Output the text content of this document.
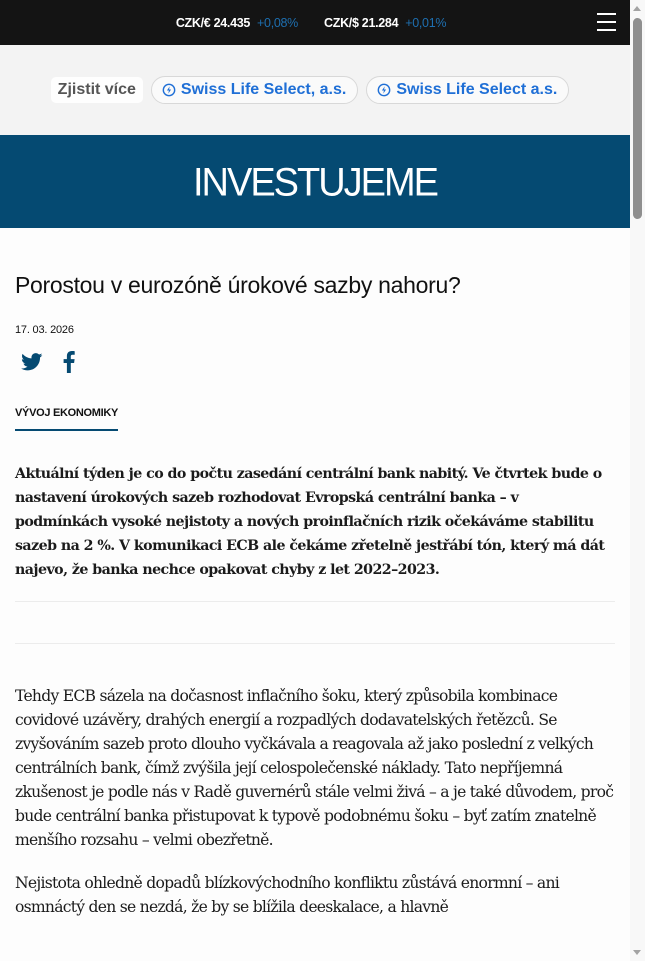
CZK/€ 24.435 +0,08% CZK/$ 21.284 +0,01%
Zjistit více	Swiss Life Select, a.s.	Swiss Life Select a.s.
INVESTUJEME
Porostou v eurozóně úrokové sazby nahoru?
17. 03. 2026
VÝVOJ EKONOMIKY

Aktuální týden je co do počtu zasedání centrální bank nabitý. Ve čtvrtek bude o nastavení úrokových sazeb rozhodovat Evropská centrální banka – v podmínkách vysoké nejistoty a nových proinflačních rizik očekáváme stabilitu sazeb na 2 %. V komunikaci ECB ale čekáme zřetelně jestřábí tón, který má dát najevo, že banka nechce opakovat chyby z let 2022–2023.

Tehdy ECB sázela na dočasnost inflačního šoku, který způsobila kombinace covidové uzávěry, drahých energií a rozpadlých dodavatelských řetězců. Se zvyšováním sazeb proto dlouho vyčkávala a reagovala až jako poslední z velkých centrálních bank, čímž zvýšila její celospolečenské náklady. Tato nepříjemná zkušenost je podle nás v Radě guvernérů stále velmi živá – a je také důvodem, proč bude centrální banka přistupovat k typově podobnému šoku – byť zatím znatelně menšího rozsahu – velmi obezřetně.

Nejistota ohledně dopadů blízkovýchodního konfliktu zůstává enormní – ani osmnáctý den se nezdá, že by se blížila deeskalace, a hlavně
